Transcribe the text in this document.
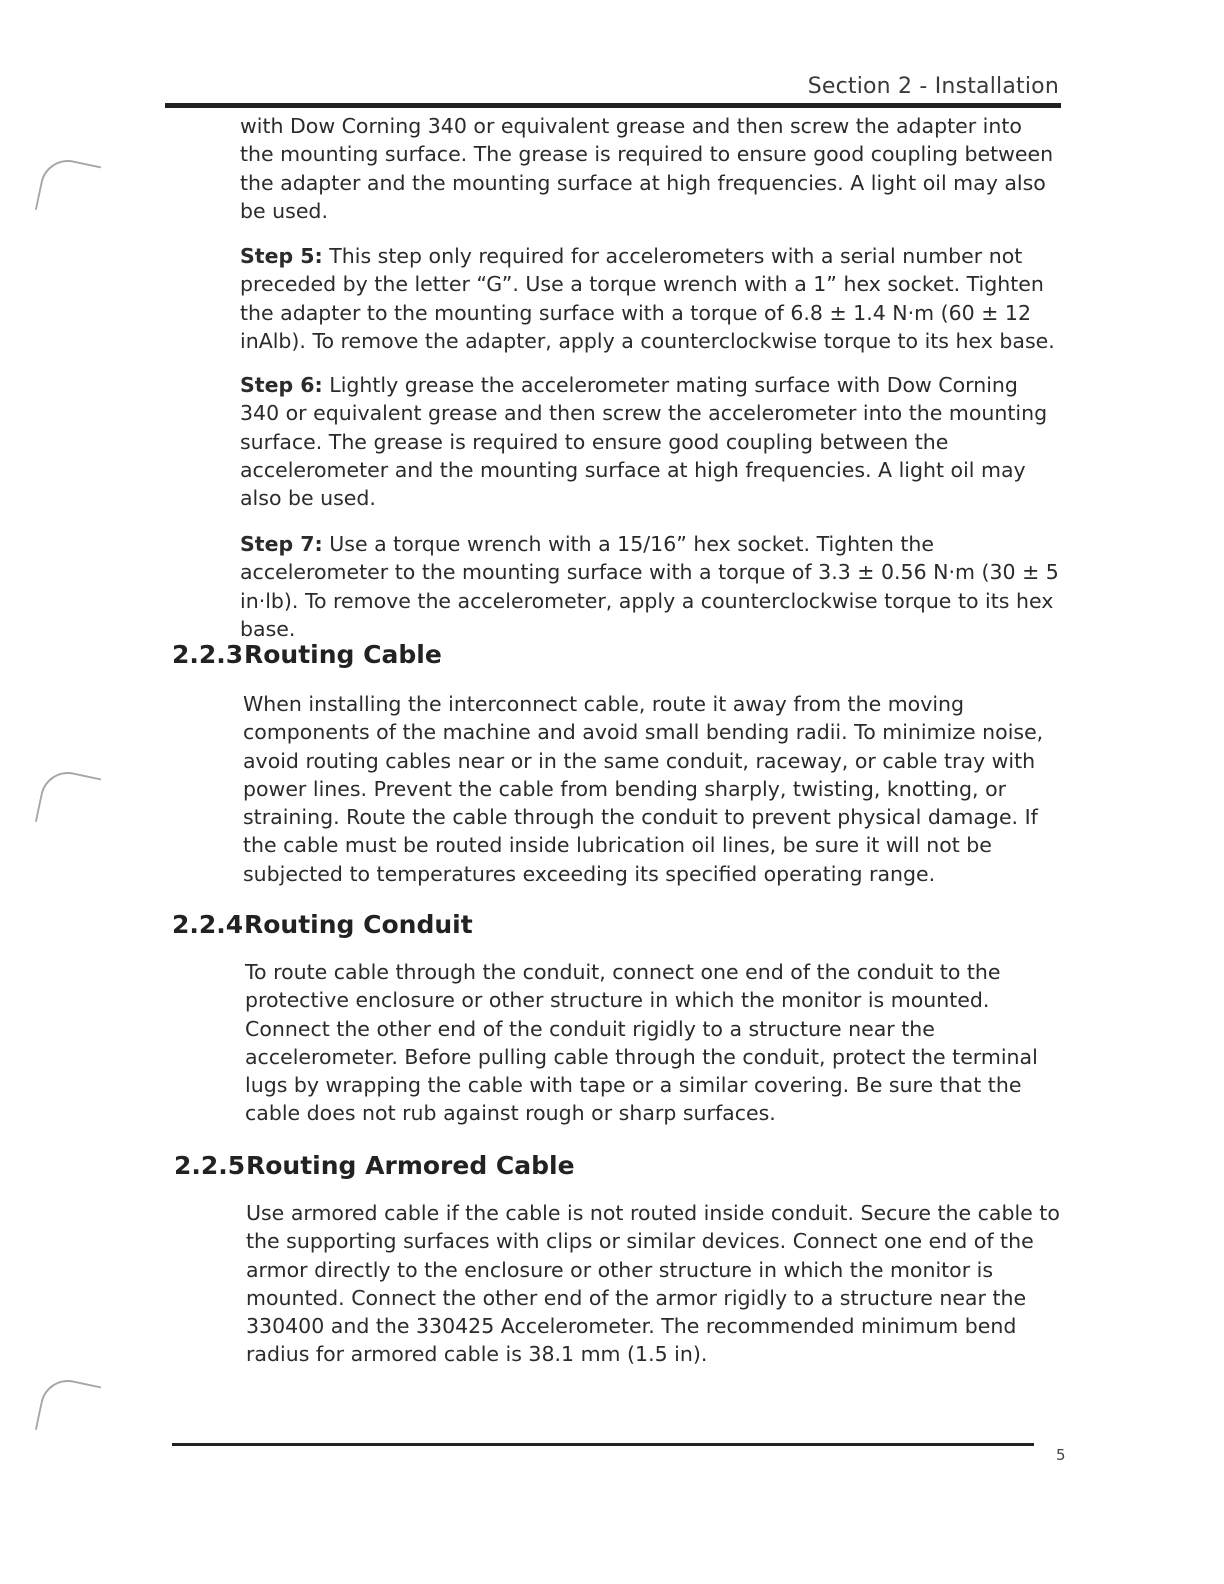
Section 2 - Installation

with Dow Corning 340 or equivalent grease and then screw the adapter into the mounting surface. The grease is required to ensure good coupling between the adapter and the mounting surface at high frequencies. A light oil may also be used.

Step 5: This step only required for accelerometers with a serial number not preceded by the letter “G”. Use a torque wrench with a 1” hex socket. Tighten the adapter to the mounting surface with a torque of 6.8 ± 1.4 N·m (60 ± 12 inAlb). To remove the adapter, apply a counterclockwise torque to its hex base.

Step 6: Lightly grease the accelerometer mating surface with Dow Corning 340 or equivalent grease and then screw the accelerometer into the mounting surface. The grease is required to ensure good coupling between the accelerometer and the mounting surface at high frequencies. A light oil may also be used.

Step 7: Use a torque wrench with a 15/16” hex socket. Tighten the accelerometer to the mounting surface with a torque of 3.3 ± 0.56 N·m (30 ± 5 in·lb). To remove the accelerometer, apply a counterclockwise torque to its hex base.

2.2.3 Routing Cable

When installing the interconnect cable, route it away from the moving components of the machine and avoid small bending radii. To minimize noise, avoid routing cables near or in the same conduit, raceway, or cable tray with power lines. Prevent the cable from bending sharply, twisting, knotting, or straining. Route the cable through the conduit to prevent physical damage. If the cable must be routed inside lubrication oil lines, be sure it will not be subjected to temperatures exceeding its specified operating range.

2.2.4 Routing Conduit

To route cable through the conduit, connect one end of the conduit to the protective enclosure or other structure in which the monitor is mounted. Connect the other end of the conduit rigidly to a structure near the accelerometer. Before pulling cable through the conduit, protect the terminal lugs by wrapping the cable with tape or a similar covering. Be sure that the cable does not rub against rough or sharp surfaces.

2.2.5 Routing Armored Cable

Use armored cable if the cable is not routed inside conduit. Secure the cable to the supporting surfaces with clips or similar devices. Connect one end of the armor directly to the enclosure or other structure in which the monitor is mounted. Connect the other end of the armor rigidly to a structure near the 330400 and the 330425 Accelerometer. The recommended minimum bend radius for armored cable is 38.1 mm (1.5 in).

5
